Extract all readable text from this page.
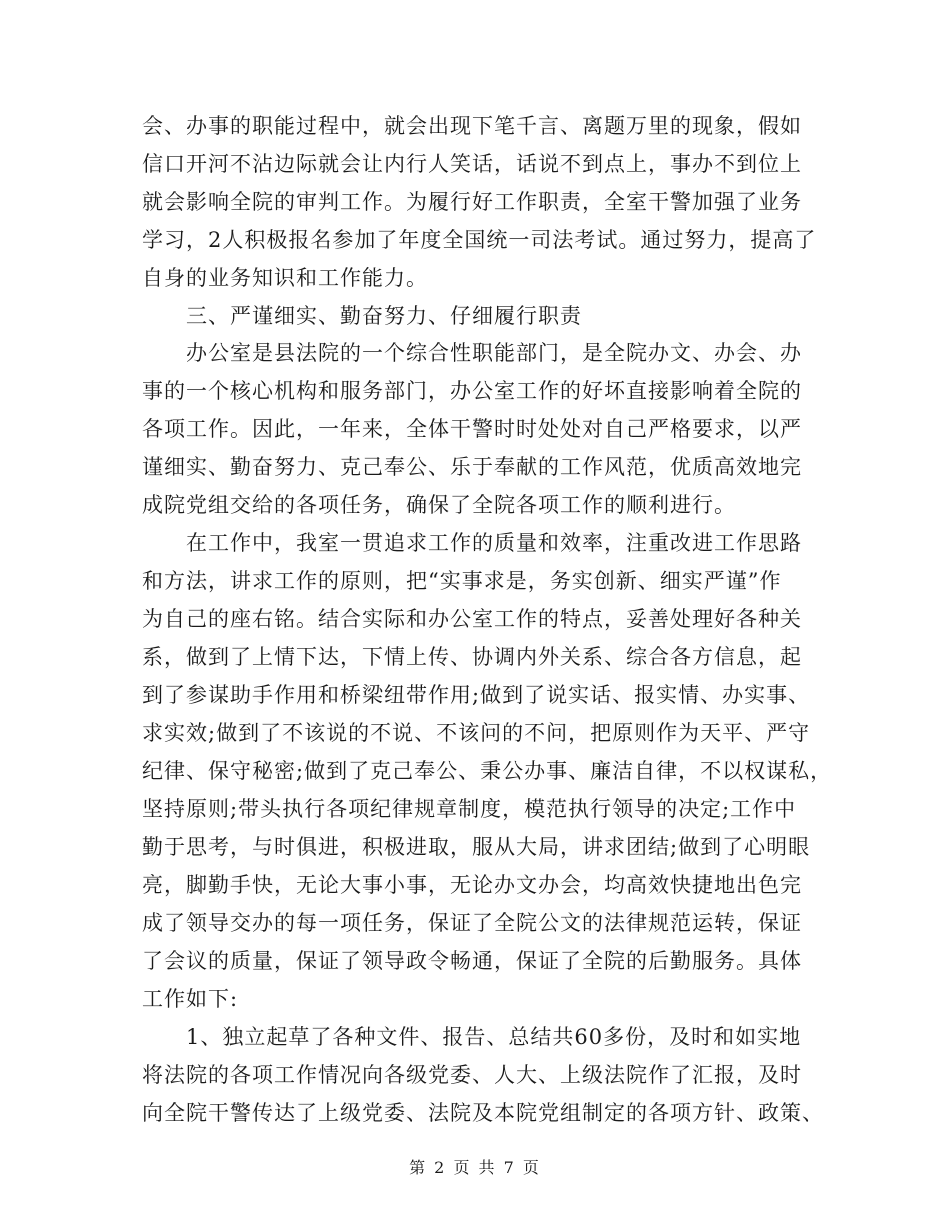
会、办事的职能过程中，就会出现下笔千言、离题万里的现象，假如
信口开河不沾边际就会让内行人笑话，话说不到点上，事办不到位上
就会影响全院的审判工作。为履行好工作职责，全室干警加强了业务
学习，2人积极报名参加了年度全国统一司法考试。通过努力，提高了
自身的业务知识和工作能力。
三、严谨细实、勤奋努力、仔细履行职责
办公室是县法院的一个综合性职能部门，是全院办文、办会、办
事的一个核心机构和服务部门，办公室工作的好坏直接影响着全院的
各项工作。因此，一年来，全体干警时时处处对自己严格要求，以严
谨细实、勤奋努力、克己奉公、乐于奉献的工作风范，优质高效地完
成院党组交给的各项任务，确保了全院各项工作的顺利进行。
在工作中，我室一贯追求工作的质量和效率，注重改进工作思路
和方法，讲求工作的原则，把“实事求是，务实创新、细实严谨”作
为自己的座右铭。结合实际和办公室工作的特点，妥善处理好各种关
系，做到了上情下达，下情上传、协调内外关系、综合各方信息，起
到了参谋助手作用和桥梁纽带作用;做到了说实话、报实情、办实事、
求实效;做到了不该说的不说、不该问的不问，把原则作为天平、严守
纪律、保守秘密;做到了克己奉公、秉公办事、廉洁自律，不以权谋私，
坚持原则;带头执行各项纪律规章制度，模范执行领导的决定;工作中
勤于思考，与时俱进，积极进取，服从大局，讲求团结;做到了心明眼
亮，脚勤手快，无论大事小事，无论办文办会，均高效快捷地出色完
成了领导交办的每一项任务，保证了全院公文的法律规范运转，保证
了会议的质量，保证了领导政令畅通，保证了全院的后勤服务。具体
工作如下:
1、独立起草了各种文件、报告、总结共60多份，及时和如实地
将法院的各项工作情况向各级党委、人大、上级法院作了汇报，及时
向全院干警传达了上级党委、法院及本院党组制定的各项方针、政策、
第 2 页 共 7 页
